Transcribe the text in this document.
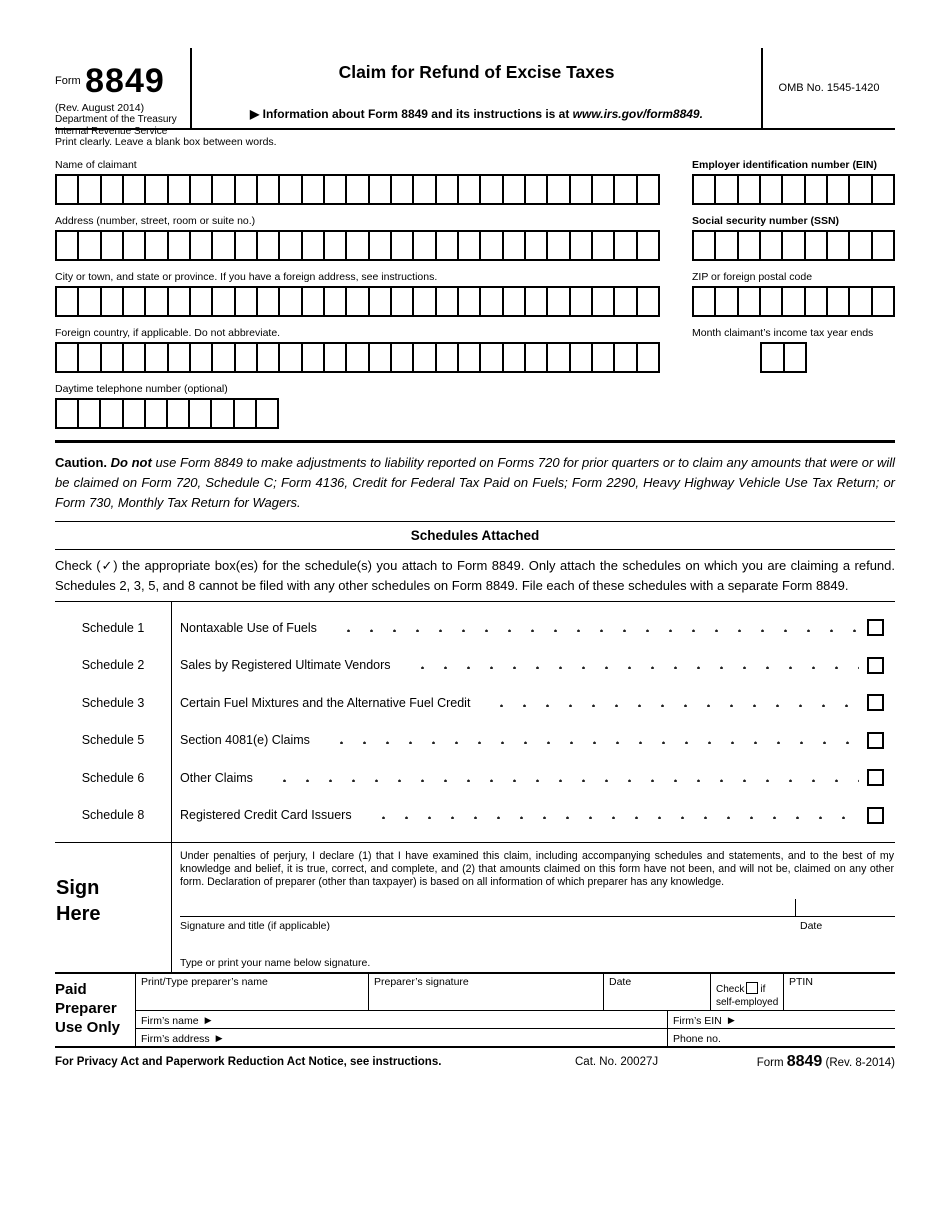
Form 8849
(Rev. August 2014)
Department of the Treasury
Internal Revenue Service
Claim for Refund of Excise Taxes
▶ Information about Form 8849 and its instructions is at www.irs.gov/form8849.
OMB No. 1545-1420
Print clearly. Leave a blank box between words.
Name of claimant
Address (number, street, room or suite no.)
City or town, and state or province. If you have a foreign address, see instructions.
Foreign country, if applicable. Do not abbreviate.
Daytime telephone number (optional)
Employer identification number (EIN)
Social security number (SSN)
ZIP or foreign postal code
Month claimant’s income tax year ends
Caution. Do not use Form 8849 to make adjustments to liability reported on Forms 720 for prior quarters or to claim any amounts that were or will be claimed on Form 720, Schedule C; Form 4136, Credit for Federal Tax Paid on Fuels; Form 2290, Heavy Highway Vehicle Use Tax Return; or Form 730, Monthly Tax Return for Wagers.
Schedules Attached
Check (✓) the appropriate box(es) for the schedule(s) you attach to Form 8849. Only attach the schedules on which you are claiming a refund. Schedules 2, 3, 5, and 8 cannot be filed with any other schedules on Form 8849. File each of these schedules with a separate Form 8849.
Schedule 1	Nontaxable Use of Fuels
Schedule 2	Sales by Registered Ultimate Vendors
Schedule 3	Certain Fuel Mixtures and the Alternative Fuel Credit
Schedule 5	Section 4081(e) Claims
Schedule 6	Other Claims
Schedule 8	Registered Credit Card Issuers
Sign
Here
Under penalties of perjury, I declare (1) that I have examined this claim, including accompanying schedules and statements, and to the best of my knowledge and belief, it is true, correct, and complete, and (2) that amounts claimed on this form have not been, and will not be, claimed on any other form. Declaration of preparer (other than taxpayer) is based on all information of which preparer has any knowledge.
Signature and title (if applicable)	Date
Type or print your name below signature.
Paid
Preparer
Use Only
Print/Type preparer’s name	Preparer’s signature	Date
Check if
self-employed
PTIN
Firm’s name ▶	Firm’s EIN ▶
Firm’s address ▶	Phone no.
For Privacy Act and Paperwork Reduction Act Notice, see instructions.	Cat. No. 20027J	Form 8849 (Rev. 8-2014)
